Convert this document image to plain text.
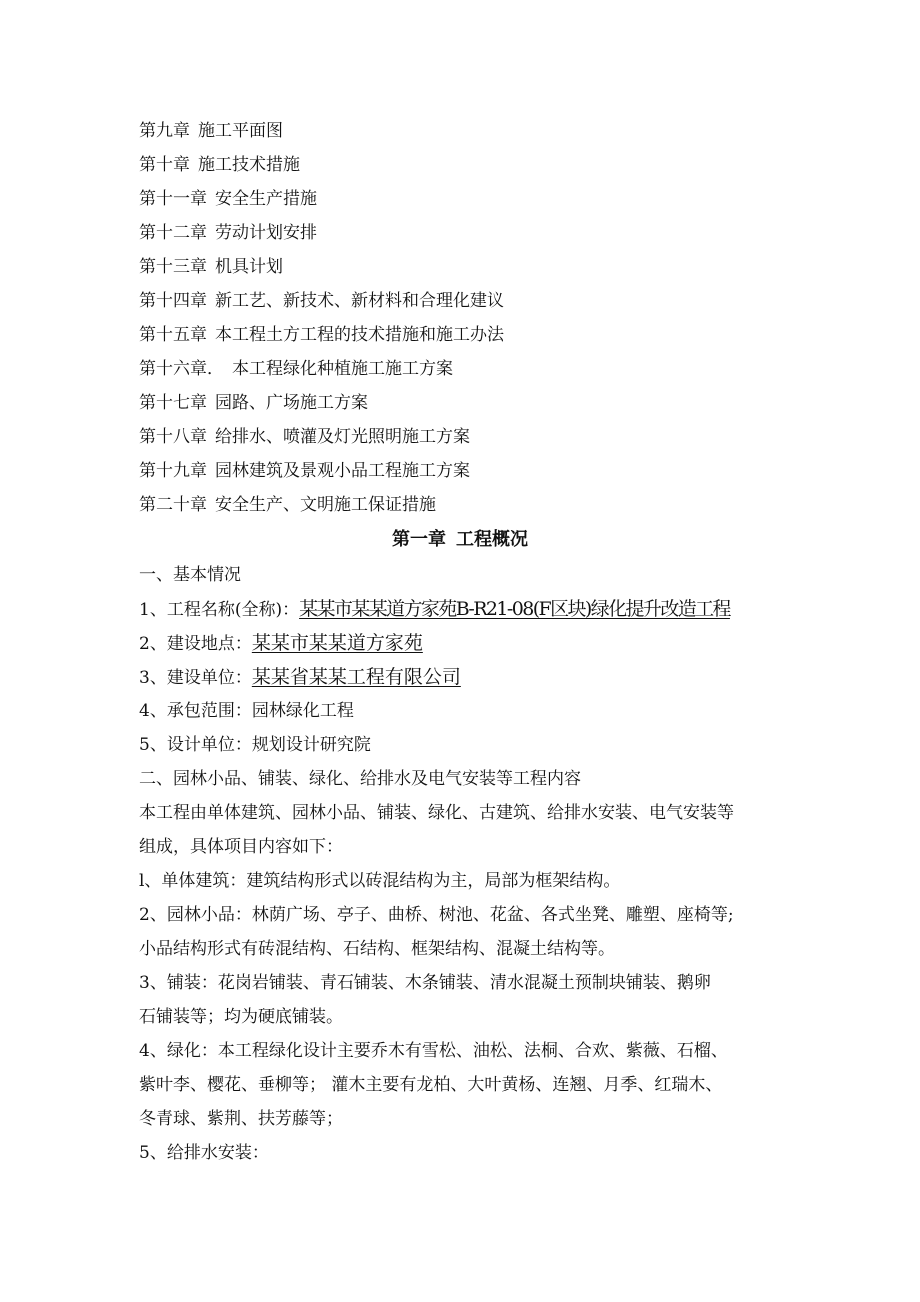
第九章 施工平面图
第十章 施工技术措施
第十一章 安全生产措施
第十二章 劳动计划安排
第十三章 机具计划
第十四章 新工艺、新技术、新材料和合理化建议
第十五章 本工程土方工程的技术措施和施工办法
第十六章． 本工程绿化种植施工施工方案
第十七章 园路、广场施工方案
第十八章 给排水、喷灌及灯光照明施工方案
第十九章 园林建筑及景观小品工程施工方案
第二十章 安全生产、文明施工保证措施
第一章 工程概况
一、基本情况
1、工程名称(全称)：某某市某某道方家苑B-R21-08(F区块)绿化提升改造工程
2、建设地点：某某市某某道方家苑
3、建设单位：某某省某某工程有限公司
4、承包范围：园林绿化工程
5、设计单位：规划设计研究院
二、园林小品、铺装、绿化、给排水及电气安装等工程内容
本工程由单体建筑、园林小品、铺装、绿化、古建筑、给排水安装、电气安装等
组成，具体项目内容如下：
l、单体建筑：建筑结构形式以砖混结构为主，局部为框架结构。
2、园林小品：林荫广场、亭子、曲桥、树池、花盆、各式坐凳、雕塑、座椅等;
小品结构形式有砖混结构、石结构、框架结构、混凝土结构等。
3、铺装：花岗岩铺装、青石铺装、木条铺装、清水混凝土预制块铺装、鹅卵
石铺装等；均为硬底铺装。
4、绿化：本工程绿化设计主要乔木有雪松、油松、法桐、合欢、紫薇、石榴、
紫叶李、樱花、垂柳等； 灌木主要有龙柏、大叶黄杨、连翘、月季、红瑞木、
冬青球、紫荆、扶芳藤等；
5、给排水安装：
